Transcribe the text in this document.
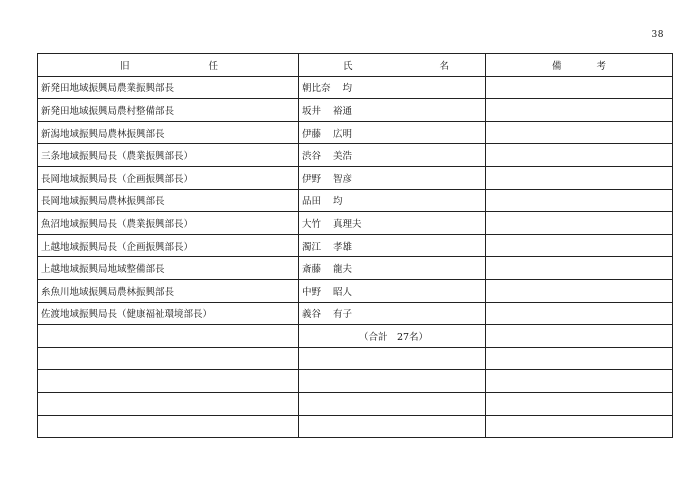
38
旧 任	氏 名	備 考

新発田地域振興局農業振興部長	朝比奈 均	
新発田地域振興局農村整備部長	坂井 裕通	
新潟地域振興局農林振興部長	伊藤 広明	
三条地域振興局長（農業振興部長）	渋谷 美浩	
長岡地域振興局長（企画振興部長）	伊野 智彦	
長岡地域振興局農林振興部長	品田 均	
魚沼地域振興局長（農業振興部長）	大竹 真理夫	
上越地域振興局長（企画振興部長）	濁江 孝雄	
上越地域振興局地域整備部長	斎藤 龍夫	
糸魚川地域振興局農林振興部長	中野 昭人	
佐渡地域振興局長（健康福祉環境部長）	義谷 有子	
	（合計　27名）	
